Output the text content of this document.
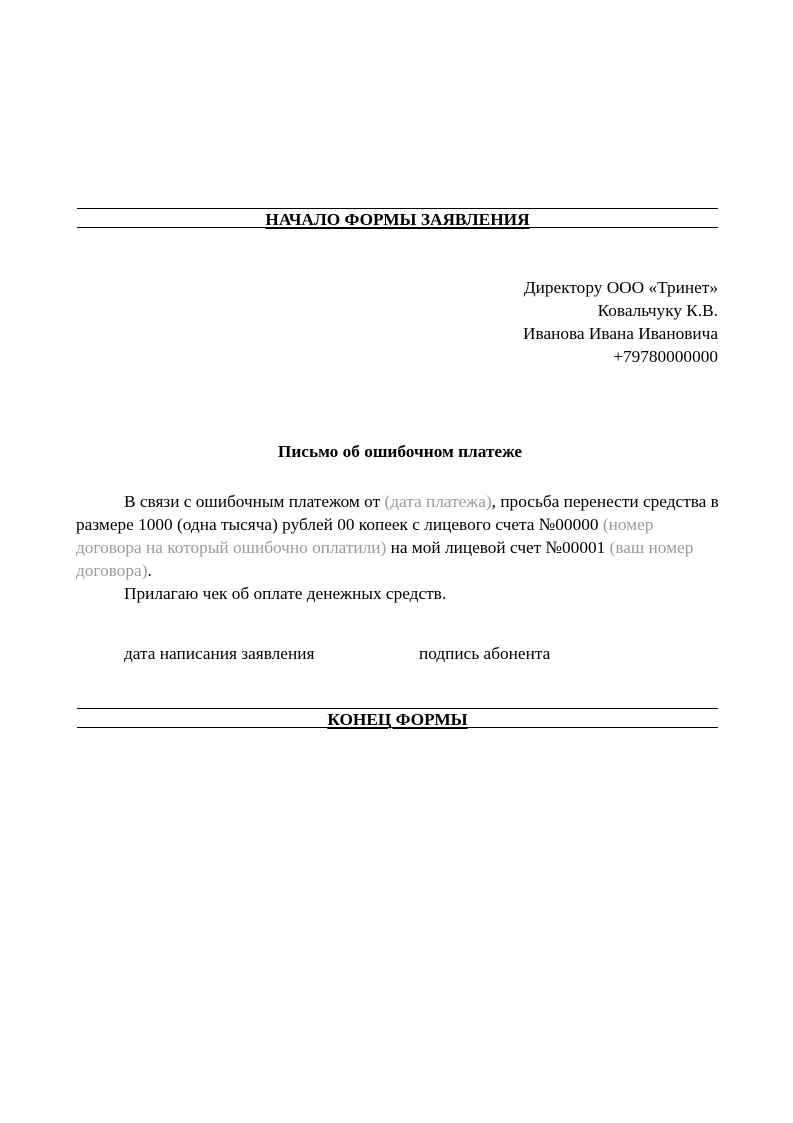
НАЧАЛО ФОРМЫ ЗАЯВЛЕНИЯ
Директору ООО «Тринет»
Ковальчуку К.В.
Иванова Ивана Ивановича
+79780000000
Письмо об ошибочном платеже

В связи с ошибочным платежом от (дата платежа), просьба перенести средства в размере 1000 (одна тысяча) рублей 00 копеек с лицевого счета №00000 (номер договора на который ошибочно оплатили) на мой лицевой счет №00001 (ваш номер договора).

Прилагаю чек об оплате денежных средств.

дата написания заявления	подпись абонента
КОНЕЦ ФОРМЫ
